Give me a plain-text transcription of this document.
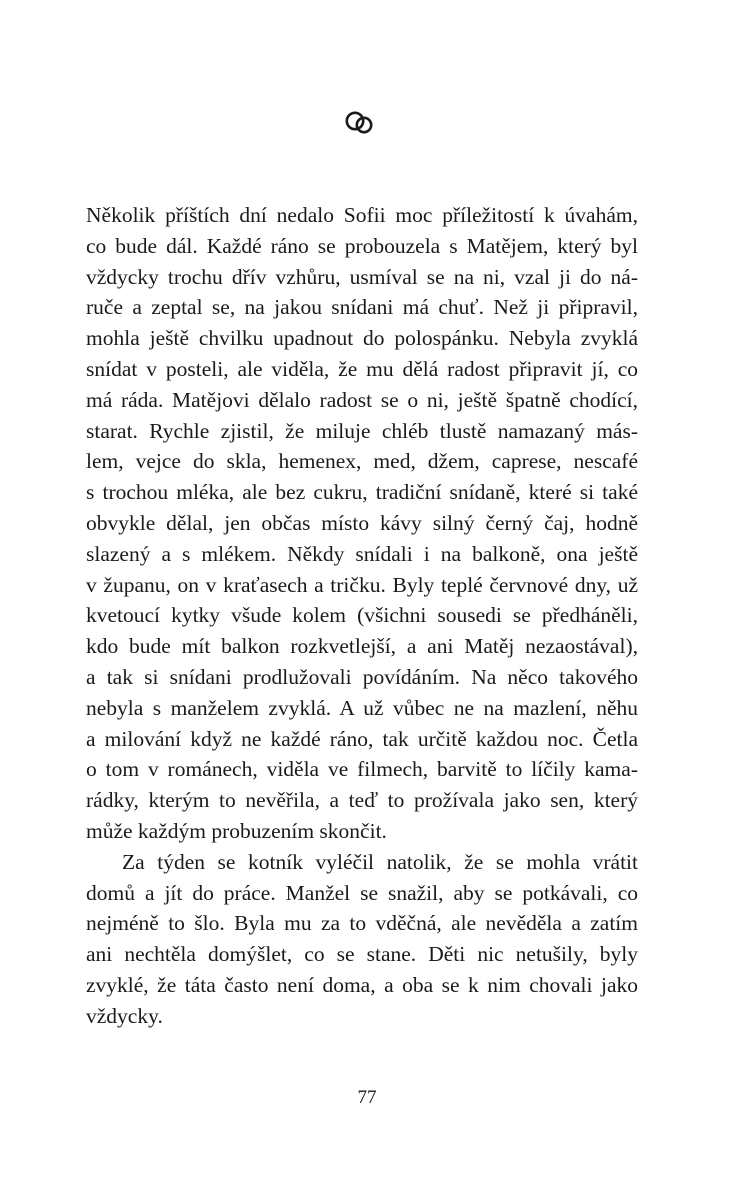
Několik příštích dní nedalo Sofii moc příležitostí k úvahám,
co bude dál. Každé ráno se probouzela s Matějem, který byl
vždycky trochu dřív vzhůru, usmíval se na ni, vzal ji do ná-
ruče a zeptal se, na jakou snídani má chuť. Než ji připravil,
mohla ještě chvilku upadnout do polospánku. Nebyla zvyklá
snídat v posteli, ale viděla, že mu dělá radost připravit jí, co
má ráda. Matějovi dělalo radost se o ni, ještě špatně chodící,
starat. Rychle zjistil, že miluje chléb tlustě namazaný más-
lem, vejce do skla, hemenex, med, džem, caprese, nescafé
s trochou mléka, ale bez cukru, tradiční snídaně, které si také
obvykle dělal, jen občas místo kávy silný černý čaj, hodně
slazený a s mlékem. Někdy snídali i na balkoně, ona ještě
v županu, on v kraťasech a tričku. Byly teplé červnové dny, už
kvetoucí kytky všude kolem (všichni sousedi se předháněli,
kdo bude mít balkon rozkvetlejší, a ani Matěj nezaostával),
a tak si snídani prodlužovali povídáním. Na něco takového
nebyla s manželem zvyklá. A už vůbec ne na mazlení, něhu
a milování když ne každé ráno, tak určitě každou noc. Četla
o tom v románech, viděla ve filmech, barvitě to líčily kama-
rádky, kterým to nevěřila, a teď to prožívala jako sen, který
může každým probuzením skončit.
Za týden se kotník vyléčil natolik, že se mohla vrátit
domů a jít do práce. Manžel se snažil, aby se potkávali, co
nejméně to šlo. Byla mu za to vděčná, ale nevěděla a zatím
ani nechtěla domýšlet, co se stane. Děti nic netušily, byly
zvyklé, že táta často není doma, a oba se k nim chovali jako
vždycky.
77
